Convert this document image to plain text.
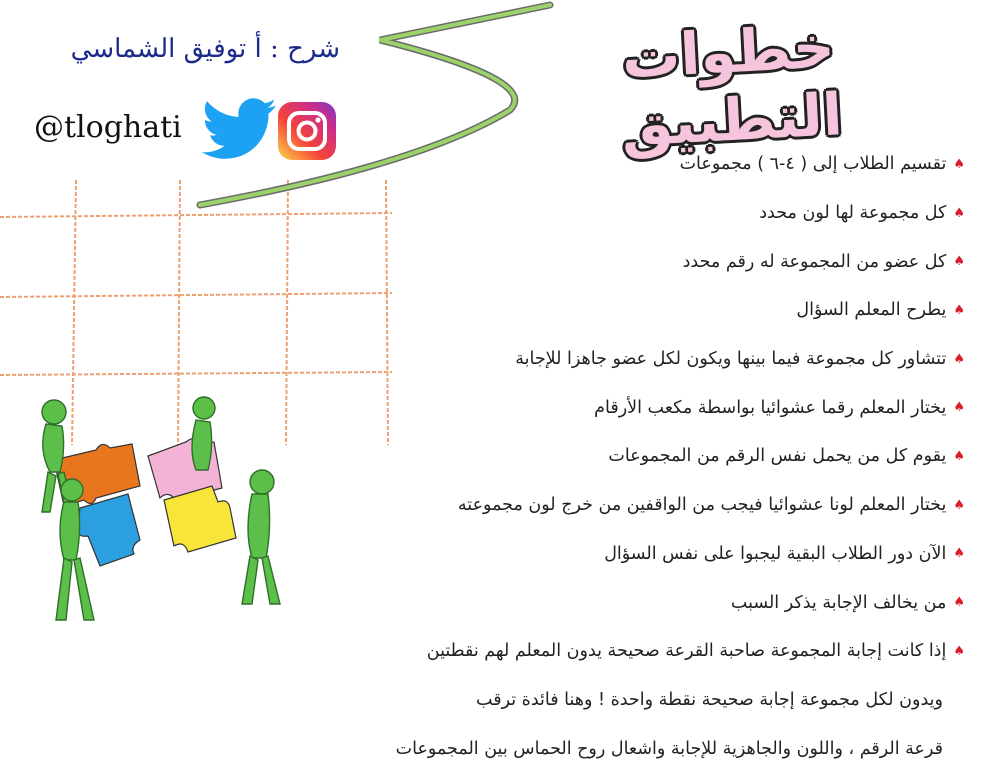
شرح : أ توفيق الشماسي
@tloghati
خطوات التطبيق
♠
تقسيم الطلاب إلى ( ٤-٦ ) مجموعات
♠
كل مجموعة لها لون محدد
♠
كل عضو من المجموعة له رقم محدد
♠
يطرح المعلم السؤال
♠
تتشاور كل مجموعة فيما بينها ويكون لكل عضو جاهزا للإجابة
♠
يختار المعلم رقما عشوائيا بواسطة مكعب الأرقام
♠
يقوم كل من يحمل نفس الرقم من المجموعات
♠
يختار المعلم لونا عشوائيا فيجب من الواقفين من خرج لون مجموعته
♠
الآن دور الطلاب البقية ليجبوا على نفس السؤال
♠
من يخالف الإجابة يذكر السبب
♠
إذا كانت إجابة المجموعة صاحبة القرعة صحيحة يدون المعلم لهم نقطتين
ويدون لكل مجموعة إجابة صحيحة نقطة واحدة ! وهنا فائدة ترقب
قرعة الرقم ، واللون والجاهزية للإجابة واشعال روح الحماس بين المجموعات
